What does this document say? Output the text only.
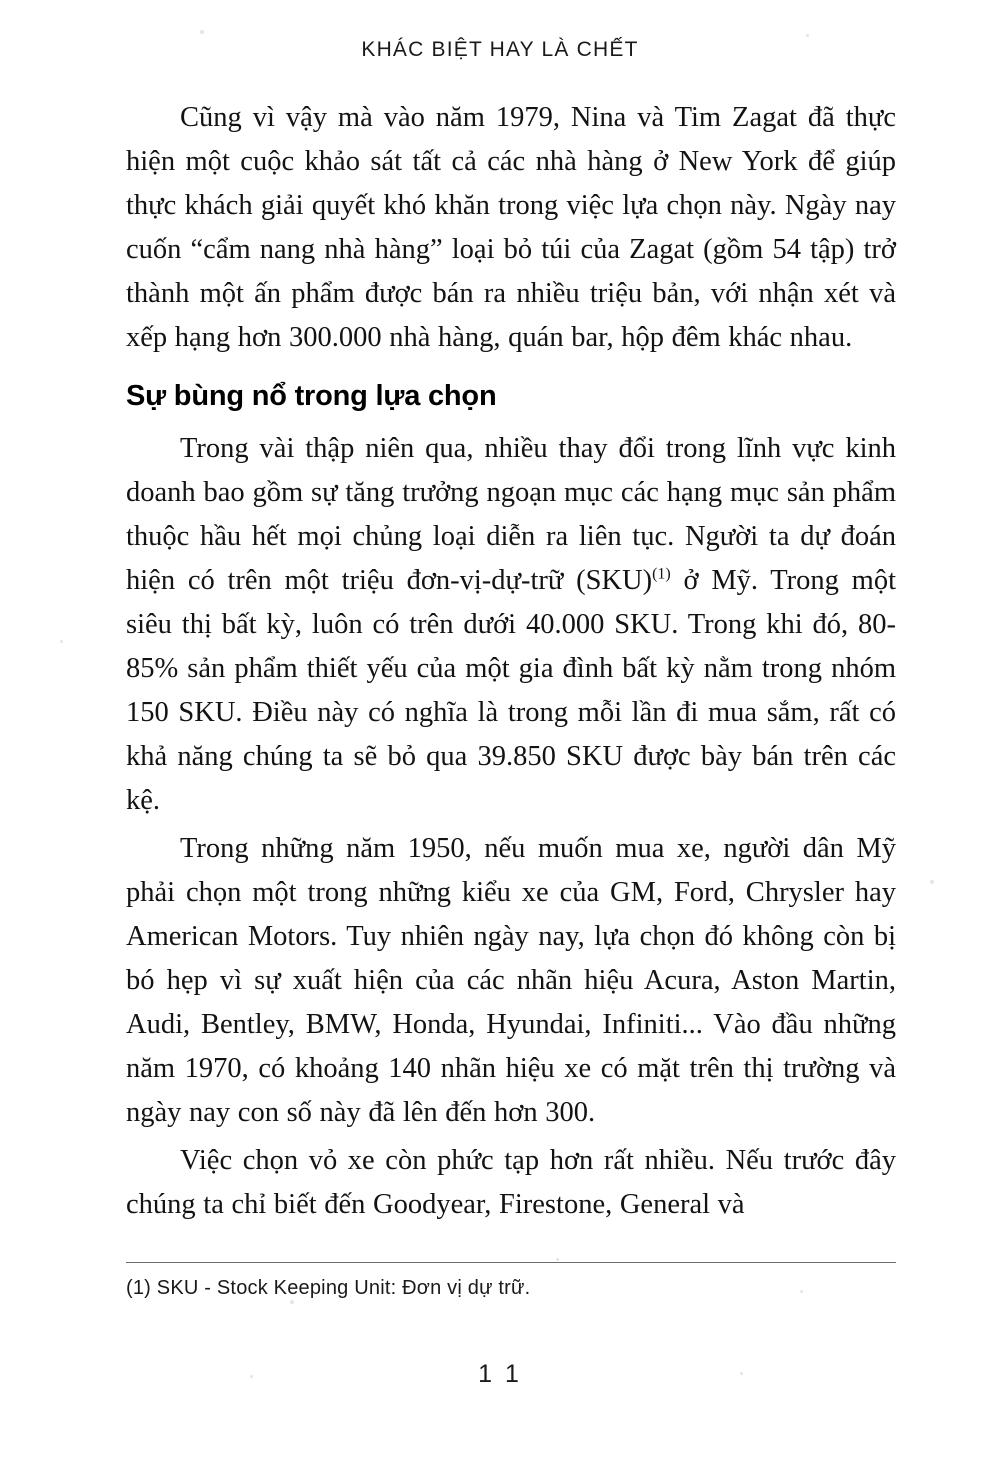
KHÁC BIỆT HAY LÀ CHẾT

Cũng vì vậy mà vào năm 1979, Nina và Tim Zagat đã thực hiện một cuộc khảo sát tất cả các nhà hàng ở New York để giúp thực khách giải quyết khó khăn trong việc lựa chọn này. Ngày nay cuốn “cẩm nang nhà hàng” loại bỏ túi của Zagat (gồm 54 tập) trở thành một ấn phẩm được bán ra nhiều triệu bản, với nhận xét và xếp hạng hơn 300.000 nhà hàng, quán bar, hộp đêm khác nhau.

Sự bùng nổ trong lựa chọn

Trong vài thập niên qua, nhiều thay đổi trong lĩnh vực kinh doanh bao gồm sự tăng trưởng ngoạn mục các hạng mục sản phẩm thuộc hầu hết mọi chủng loại diễn ra liên tục. Người ta dự đoán hiện có trên một triệu đơn-vị-dự-trữ (SKU)$^{(1)}$ ở Mỹ. Trong một siêu thị bất kỳ, luôn có trên dưới 40.000 SKU. Trong khi đó, 80-85% sản phẩm thiết yếu của một gia đình bất kỳ nằm trong nhóm 150 SKU. Điều này có nghĩa là trong mỗi lần đi mua sắm, rất có khả năng chúng ta sẽ bỏ qua 39.850 SKU được bày bán trên các kệ.

Trong những năm 1950, nếu muốn mua xe, người dân Mỹ phải chọn một trong những kiểu xe của GM, Ford, Chrysler hay American Motors. Tuy nhiên ngày nay, lựa chọn đó không còn bị bó hẹp vì sự xuất hiện của các nhãn hiệu Acura, Aston Martin, Audi, Bentley, BMW, Honda, Hyundai, Infiniti... Vào đầu những năm 1970, có khoảng 140 nhãn hiệu xe có mặt trên thị trường và ngày nay con số này đã lên đến hơn 300.

Việc chọn vỏ xe còn phức tạp hơn rất nhiều. Nếu trước đây chúng ta chỉ biết đến Goodyear, Firestone, General và

(1) SKU - Stock Keeping Unit: Đơn vị dự trữ.
1 1
